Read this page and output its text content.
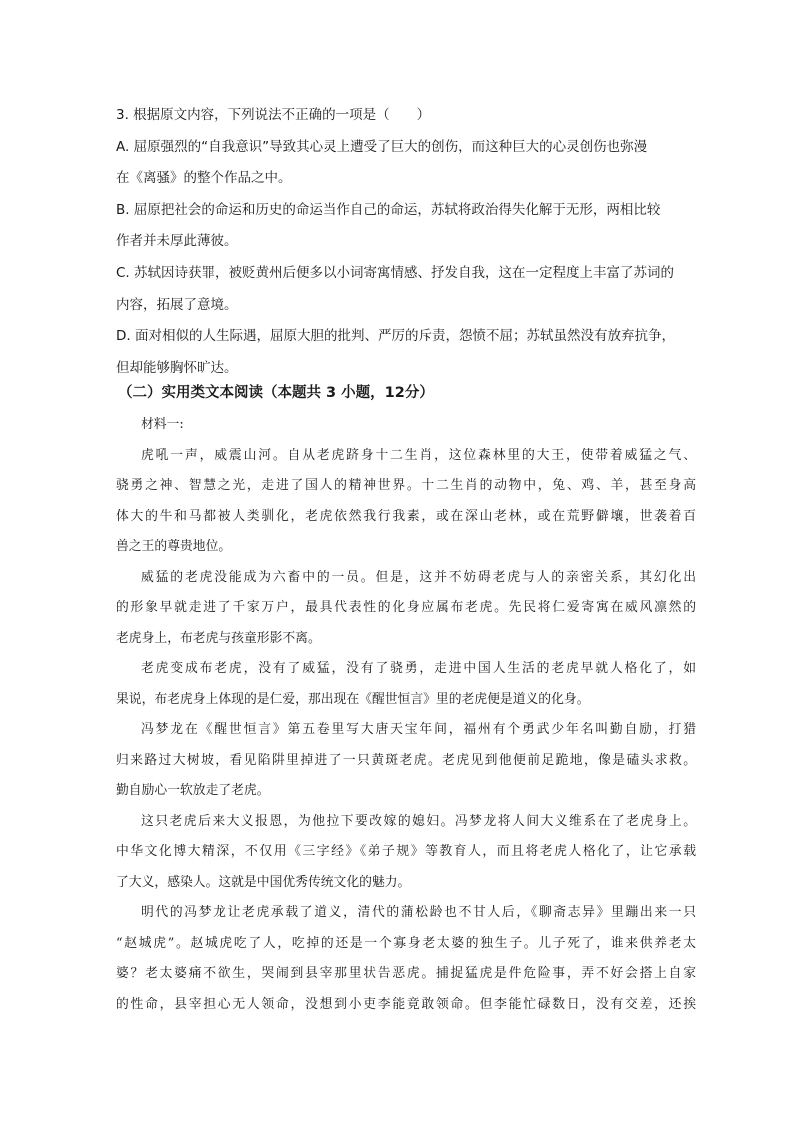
3. 根据原文内容，下列说法不正确的一项是（　　）
A. 屈原强烈的“自我意识”导致其心灵上遭受了巨大的创伤，而这种巨大的心灵创伤也弥漫
在《离骚》的整个作品之中。
B. 屈原把社会的命运和历史的命运当作自己的命运，苏轼将政治得失化解于无形，两相比较
作者并未厚此薄彼。
C. 苏轼因诗获罪，被贬黄州后便多以小词寄寓情感、抒发自我，这在一定程度上丰富了苏词的
内容，拓展了意境。
D. 面对相似的人生际遇，屈原大胆的批判、严厉的斥责，怨愤不屈；苏轼虽然没有放弃抗争，
但却能够胸怀旷达。
（二）实用类文本阅读（本题共 3 小题，12分）
材料一:
虎吼一声，威震山河。自从老虎跻身十二生肖，这位森林里的大王，使带着威猛之气、
骁勇之神、智慧之光，走进了国人的精神世界。十二生肖的动物中，兔、鸡、羊，甚至身高
体大的牛和马都被人类驯化，老虎依然我行我素，或在深山老林，或在荒野僻壤，世袭着百
兽之王的尊贵地位。
威猛的老虎没能成为六畜中的一员。但是，这并不妨碍老虎与人的亲密关系，其幻化出
的形象早就走进了千家万户，最具代表性的化身应属布老虎。先民将仁爱寄寓在威风凛然的
老虎身上，布老虎与孩童形影不离。
老虎变成布老虎，没有了威猛，没有了骁勇，走进中国人生活的老虎早就人格化了，如
果说，布老虎身上体现的是仁爱，那出现在《醒世恒言》里的老虎便是道义的化身。
冯梦龙在《醒世恒言》第五卷里写大唐天宝年间，福州有个勇武少年名叫勤自励，打猎
归来路过大树坡，看见陷阱里掉进了一只黄斑老虎。老虎见到他便前足跪地，像是磕头求救。
勤自励心一软放走了老虎。
这只老虎后来大义报恩，为他拉下要改嫁的媳妇。冯梦龙将人间大义维系在了老虎身上。
中华文化博大精深，不仅用《三字经》《弟子规》等教育人，而且将老虎人格化了，让它承载
了大义，感染人。这就是中国优秀传统文化的魅力。
明代的冯梦龙让老虎承载了道义，清代的蒲松龄也不甘人后，《聊斋志异》里蹦出来一只
“赵城虎”。赵城虎吃了人，吃掉的还是一个寡身老太婆的独生子。儿子死了，谁来供养老太
婆？老太婆痛不欲生，哭闹到县宰那里状告恶虎。捕捉猛虎是件危险事，弄不好会搭上自家
的性命，县宰担心无人领命，没想到小吏李能竟敢领命。但李能忙碌数日，没有交差，还挨
